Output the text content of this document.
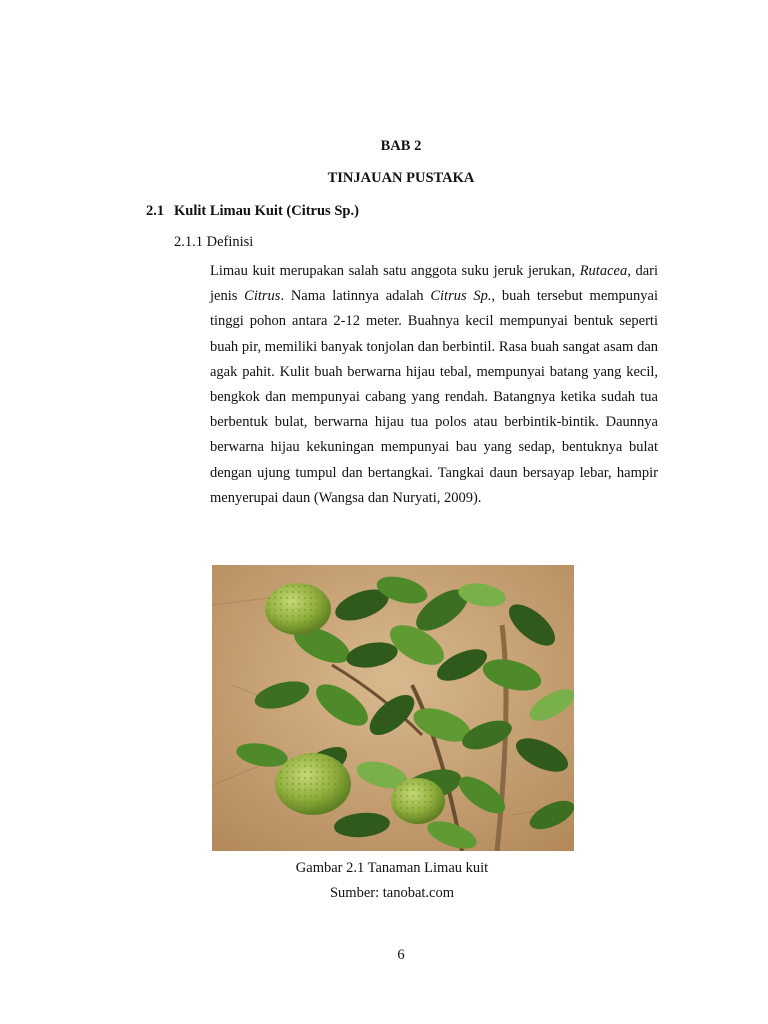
BAB 2
TINJAUAN PUSTAKA
2.1 Kulit Limau Kuit (Citrus Sp.)
2.1.1 Definisi

Limau kuit merupakan salah satu anggota suku jeruk jerukan, Rutacea, dari jenis Citrus. Nama latinnya adalah Citrus Sp., buah tersebut mempunyai tinggi pohon antara 2-12 meter. Buahnya kecil mempunyai bentuk seperti buah pir, memiliki banyak tonjolan dan berbintil. Rasa buah sangat asam dan agak pahit. Kulit buah berwarna hijau tebal, mempunyai batang yang kecil, bengkok dan mempunyai cabang yang rendah. Batangnya ketika sudah tua berbentuk bulat, berwarna hijau tua polos atau berbintik-bintik. Daunnya berwarna hijau kekuningan mempunyai bau yang sedap, bentuknya bulat dengan ujung tumpul dan bertangkai. Tangkai daun bersayap lebar, hampir menyerupai daun (Wangsa dan Nuryati, 2009).

Gambar 2.1 Tanaman Limau kuit
Sumber: tanobat.com
6
